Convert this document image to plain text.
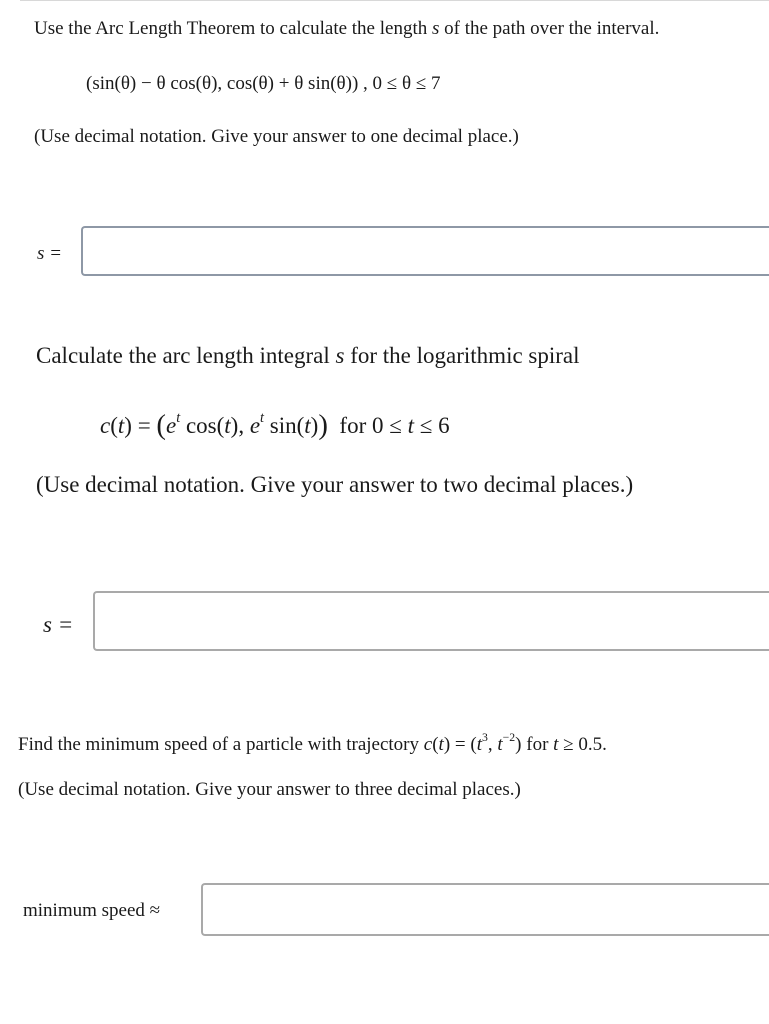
Use the Arc Length Theorem to calculate the length s of the path over the interval.
(sin(θ) − θ cos(θ), cos(θ) + θ sin(θ)) , 0 ≤ θ ≤ 7
(Use decimal notation. Give your answer to one decimal place.)
s =
Calculate the arc length integral s for the logarithmic spiral
$c(t) = (e^t$ cos(t), $e^t$ sin(t))  for 0 ≤ t ≤ 6
(Use decimal notation. Give your answer to two decimal places.)
s =
Find the minimum speed of a particle with trajectory $c(t) = (t^3$, $t^{-2}$) for t ≥ 0.5.
(Use decimal notation. Give your answer to three decimal places.)
minimum speed ≈
